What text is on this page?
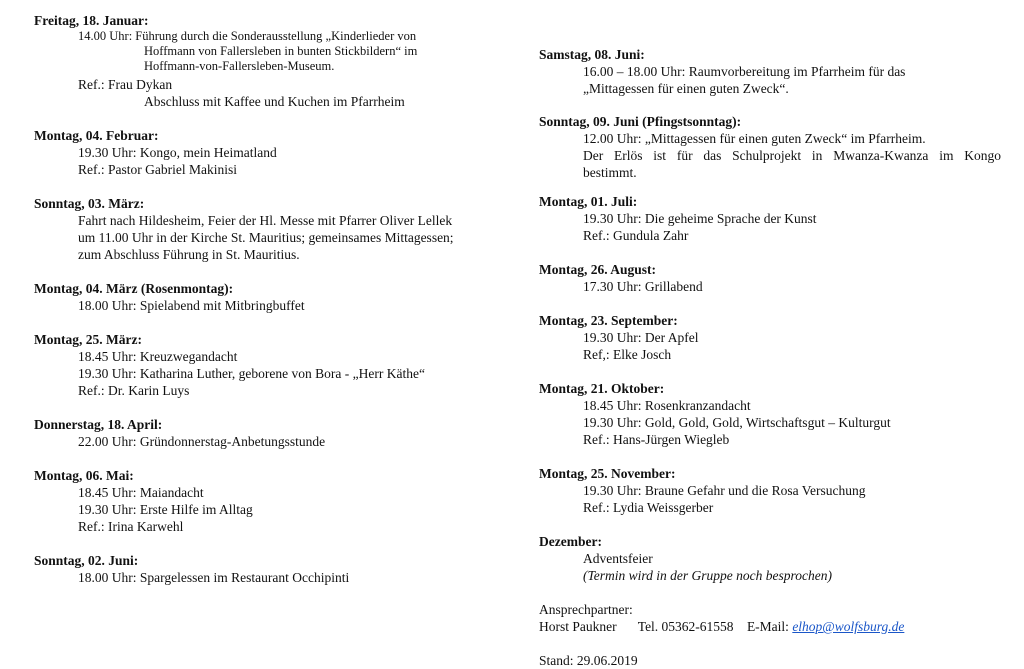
Freitag, 18. Januar:
14.00 Uhr: Führung durch die Sonderausstellung „Kinderlieder von
Hoffmann von Fallersleben in bunten Stickbildern“ im
Hoffmann-von-Fallersleben-Museum.
Ref.: Frau Dykan
Abschluss mit Kaffee und Kuchen im Pfarrheim
Montag, 04. Februar:
19.30 Uhr: Kongo, mein Heimatland
Ref.: Pastor Gabriel Makinisi
Sonntag, 03. März:
Fahrt nach Hildesheim, Feier der Hl. Messe mit Pfarrer Oliver Lellek
um 11.00 Uhr in der Kirche St. Mauritius; gemeinsames Mittagessen;
zum Abschluss Führung in St. Mauritius.
Montag, 04. März (Rosenmontag):
18.00 Uhr: Spielabend mit Mitbringbuffet
Montag, 25. März:
18.45 Uhr: Kreuzwegandacht
19.30 Uhr: Katharina Luther, geborene von Bora - „Herr Käthe“
Ref.: Dr. Karin Luys
Donnerstag, 18. April:
22.00 Uhr: Gründonnerstag-Anbetungsstunde
Montag, 06. Mai:
18.45 Uhr: Maiandacht
19.30 Uhr: Erste Hilfe im Alltag
Ref.: Irina Karwehl
Sonntag, 02. Juni:
18.00 Uhr: Spargelessen im Restaurant Occhipinti
Samstag, 08. Juni:
16.00 – 18.00 Uhr: Raumvorbereitung im Pfarrheim für das
„Mittagessen für einen guten Zweck“.
Sonntag, 09. Juni (Pfingstsonntag):
12.00 Uhr: „Mittagessen für einen guten Zweck“ im Pfarrheim.
Der Erlös ist für das Schulprojekt in Mwanza-Kwanza im Kongo
bestimmt.
Montag, 01. Juli:
19.30 Uhr: Die geheime Sprache der Kunst
Ref.: Gundula Zahr
Montag, 26. August:
17.30 Uhr: Grillabend
Montag, 23. September:
19.30 Uhr: Der Apfel
Ref,: Elke Josch
Montag, 21. Oktober:
18.45 Uhr: Rosenkranzandacht
19.30 Uhr: Gold, Gold, Gold, Wirtschaftsgut – Kulturgut
Ref.: Hans-Jürgen Wiegleb
Montag, 25. November:
19.30 Uhr: Braune Gefahr und die Rosa Versuchung
Ref.: Lydia Weissgerber
Dezember:
Adventsfeier
(Termin wird in der Gruppe noch besprochen)
Ansprechpartner:
Horst Paukner Tel. 05362-61558 E-Mail: elhop@wolfsburg.de
Stand: 29.06.2019
